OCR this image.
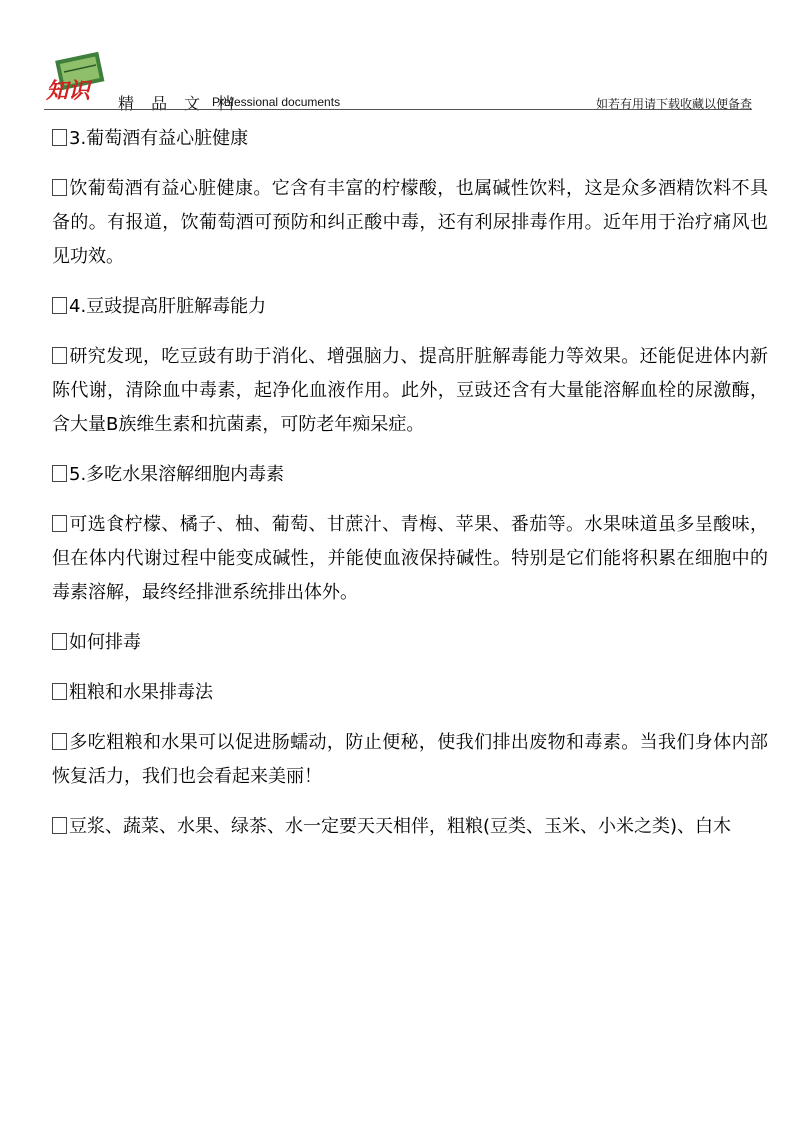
知识 精 品 文 档
Professional documents	如若有用请下载收藏以便备查

3.葡萄酒有益心脏健康

饮葡萄酒有益心脏健康。它含有丰富的柠檬酸，也属碱性饮料，这是众多酒精饮料不具备的。有报道，饮葡萄酒可预防和纠正酸中毒，还有利尿排毒作用。近年用于治疗痛风也见功效。

4.豆豉提高肝脏解毒能力

研究发现，吃豆豉有助于消化、增强脑力、提高肝脏解毒能力等效果。还能促进体内新陈代谢，清除血中毒素，起净化血液作用。此外，豆豉还含有大量能溶解血栓的尿激酶，含大量B族维生素和抗菌素，可防老年痴呆症。

5.多吃水果溶解细胞内毒素

可选食柠檬、橘子、柚、葡萄、甘蔗汁、青梅、苹果、番茄等。水果味道虽多呈酸味，但在体内代谢过程中能变成碱性，并能使血液保持碱性。特别是它们能将积累在细胞中的毒素溶解，最终经排泄系统排出体外。

如何排毒

粗粮和水果排毒法

多吃粗粮和水果可以促进肠蠕动，防止便秘，使我们排出废物和毒素。当我们身体内部恢复活力，我们也会看起来美丽！

豆浆、蔬菜、水果、绿茶、水一定要天天相伴，粗粮(豆类、玉米、小米之类)、白木
